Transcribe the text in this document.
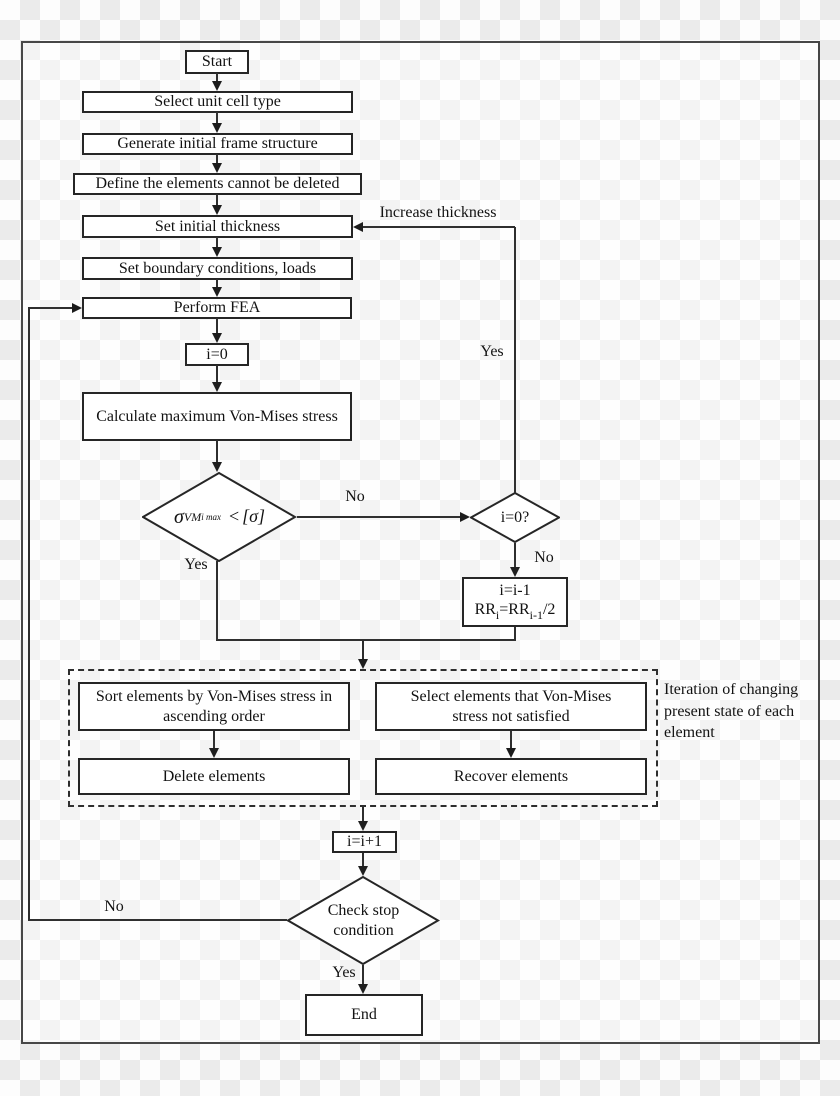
Start
Select unit cell type
Generate initial frame structure
Define the elements cannot be deleted
Set initial thickness
Set boundary conditions, loads
Perform FEA
i=0
Calculate maximum Von-Mises stress
σ VM i max < [σ]	i=0?
i=i-1
$RR_i=RR_{i-1}/2$
Sort elements by Von-Mises stress in ascending order
Select elements that Von-Mises stress not satisfied
Delete elements	Recover elements
i=i+1
Check stop condition
End
Increase thickness
Yes
No
Yes	No
No
Yes
Iteration of changing present state of each element
